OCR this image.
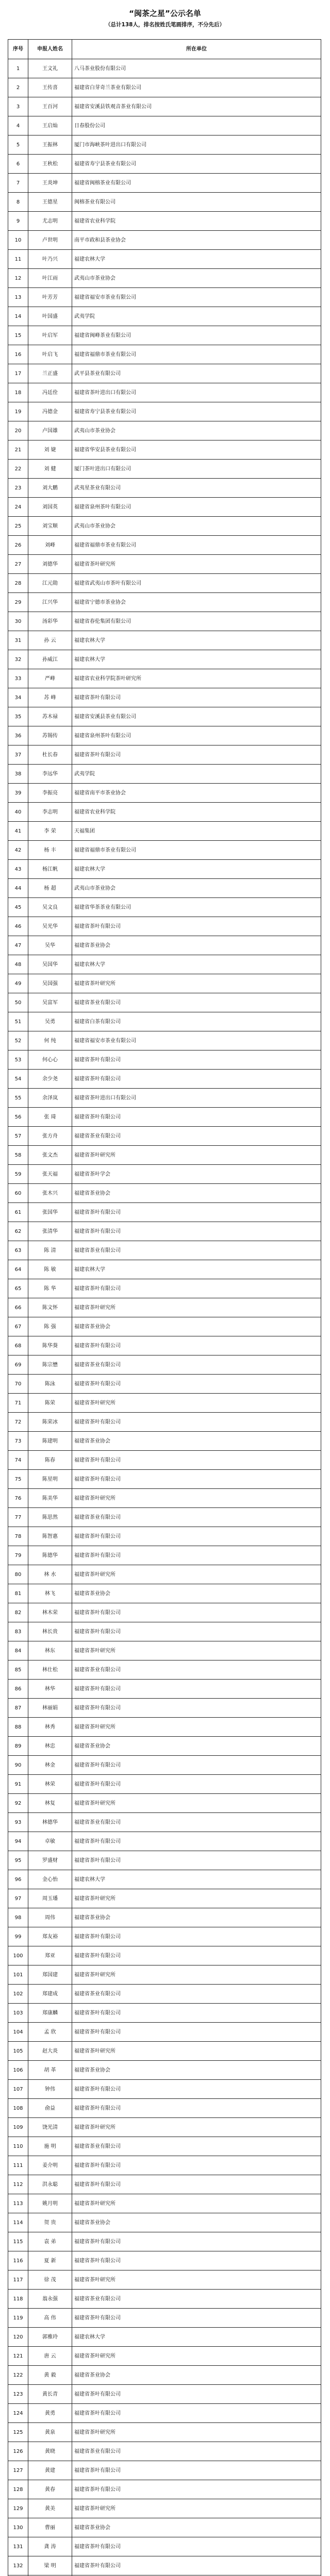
“闽茶之星”公示名单
（总计138人，排名按姓氏笔画排序，不分先后）
序号	申报人姓名	所在单位
1	王文礼	八马茶业股份有限公司
2	王传喜	福建省白芽奇兰茶业有限公司
3	王百河	福建省安溪县铁观音茶业有限公司
4	王启灿	日春股份公司
5	王振林	厦门市海峡茶叶进出口有限公司
6	王秋松	福建省寿宁县茶业有限公司
7	王炎坤	福建省闽榕茶业有限公司
8	王德星	闽榕茶业有限公司
9	尤志明	福建省农业科学院
10	卢世明	南平市政和县茶业协会
11	叶乃兴	福建农林大学
12	叶江雨	武夷山市茶业协会
13	叶芳芳	福建省福安市茶业有限公司
14	叶国盛	武夷学院
15	叶启军	福建省闽峰茶业有限公司
16	叶启飞	福建省福鼎市茶业有限公司
17	兰正盛	武平县茶业有限公司
18	冯廷佺	福建省茶叶进出口有限公司
19	冯德金	福建省寿宁县茶业有限公司
20	卢国雄	武夷山市茶业协会
21	刘 婕	福建省华安县茶业有限公司
22	刘 健	厦门茶叶进出口有限公司
23	刘大鹏	武夷星茶业有限公司
24	刘国英	福建省泉州茶叶有限公司
25	刘宝顺	武夷山市茶业协会
26	刘峰	福建省福鼎市茶业有限公司
27	刘德华	福建省茶叶研究所
28	江元勋	福建省武夷山市茶叶有限公司
29	江兴华	福建省宁德市茶业协会
30	汤彩华	福建省春伦集团有限公司
31	孙 云	福建农林大学
32	孙威江	福建农林大学
33	严峰	福建省农业科学院茶叶研究所
34	苏 峰	福建省茶叶有限公司
35	苏木禄	福建省安溪县茶业有限公司
36	苏锡传	福建省泉州茶叶有限公司
37	杜长春	福建省茶叶有限公司
38	李远华	武夷学院
39	李振亮	福建省南平市茶业协会
40	李志明	福建省农业科学院
41	李 荣	天福集团
42	杨 丰	福建省福鼎市茶业有限公司
43	杨江帆	福建农林大学
44	杨 超	武夷山市茶业协会
45	吴文良	福建省华茶茶业有限公司
46	吴光华	福建省茶叶有限公司
47	吴华	福建省茶业协会
48	吴国华	福建农林大学
49	吴国强	福建省茶叶研究所
50	吴富军	福建省茶业有限公司
51	吴勇	福建省白茶有限公司
52	何 纯	福建省福安市茶业有限公司
53	何心心	福建省茶叶有限公司
54	余少尧	福建省茶叶有限公司
55	余泽岚	福建省茶叶进出口有限公司
56	张 琦	福建省茶叶有限公司
57	张方舟	福建省茶业有限公司
58	张文杰	福建省茶叶研究所
59	张天福	福建省茶叶学会
60	张木兴	福建省茶业协会
61	张国华	福建省茶叶有限公司
62	张清华	福建省茶叶有限公司
63	陈 清	福建省茶业有限公司
64	陈 敏	福建农林大学
65	陈 华	福建省茶叶有限公司
66	陈文怀	福建省茶叶研究所
67	陈 强	福建省茶业协会
68	陈华葵	福建省茶叶有限公司
69	陈宗懋	福建省茶业有限公司
70	陈泳	福建省茶叶有限公司
71	陈荣	福建省茶叶研究所
72	陈荣冰	福建省茶叶有限公司
73	陈建明	福建省茶业协会
74	陈春	福建省茶叶有限公司
75	陈星明	福建省茶叶有限公司
76	陈美华	福建省茶叶研究所
77	陈思然	福建省茶业有限公司
78	陈智惠	福建省茶叶有限公司
79	陈德华	福建省茶叶有限公司
80	林 水	福建省茶叶研究所
81	林飞	福建省茶业协会
82	林木荣	福建省茶叶有限公司
83	林长贵	福建省茶叶有限公司
84	林东	福建省茶叶研究所
85	林仕松	福建省茶业有限公司
86	林华	福建省茶叶有限公司
87	林丽娟	福建省茶叶有限公司
88	林秀	福建省茶叶研究所
89	林忠	福建省茶业协会
90	林金	福建省茶叶有限公司
91	林荣	福建省茶叶有限公司
92	林复	福建省茶叶研究所
93	林德华	福建省茶业有限公司
94	卓敏	福建省茶叶有限公司
95	罗盛财	福建省茶叶有限公司
96	金心怡	福建农林大学
97	周玉璠	福建省茶叶研究所
98	周伟	福建省茶业协会
99	郑友裕	福建省茶叶有限公司
100	郑亚	福建省茶叶有限公司
101	郑国建	福建省茶叶研究所
102	郑建成	福建省茶业有限公司
103	郑康麟	福建省茶叶有限公司
104	孟 欣	福建省茶叶有限公司
105	赵大炎	福建省茶叶研究所
106	胡 革	福建省茶业协会
107	钟伟	福建省茶叶有限公司
108	俞益	福建省茶叶有限公司
109	饶光清	福建省茶叶研究所
110	施 明	福建省茶业有限公司
111	姜介明	福建省茶叶有限公司
112	洪永聪	福建省茶叶有限公司
113	姚月明	福建省茶叶研究所
114	贺 贵	福建省茶业协会
115	袁 弟	福建省茶叶有限公司
116	夏 新	福建省茶叶有限公司
117	徐 茂	福建省茶叶研究所
118	翁永强	福建省茶业有限公司
119	高 伟	福建省茶叶有限公司
120	郭雅玲	福建农林大学
121	唐 云	福建省茶叶研究所
122	黄 毅	福建省茶业协会
123	黄长青	福建省茶叶有限公司
124	黄勇	福建省茶叶有限公司
125	黄泉	福建省茶叶研究所
126	黄晓	福建省茶业有限公司
127	黄建	福建省茶叶有限公司
128	黄春	福建省茶叶有限公司
129	黄美	福建省茶叶研究所
130	曹丽	福建省茶业协会
131	龚 涛	福建省茶叶有限公司
132	梁 明	福建省茶叶有限公司
